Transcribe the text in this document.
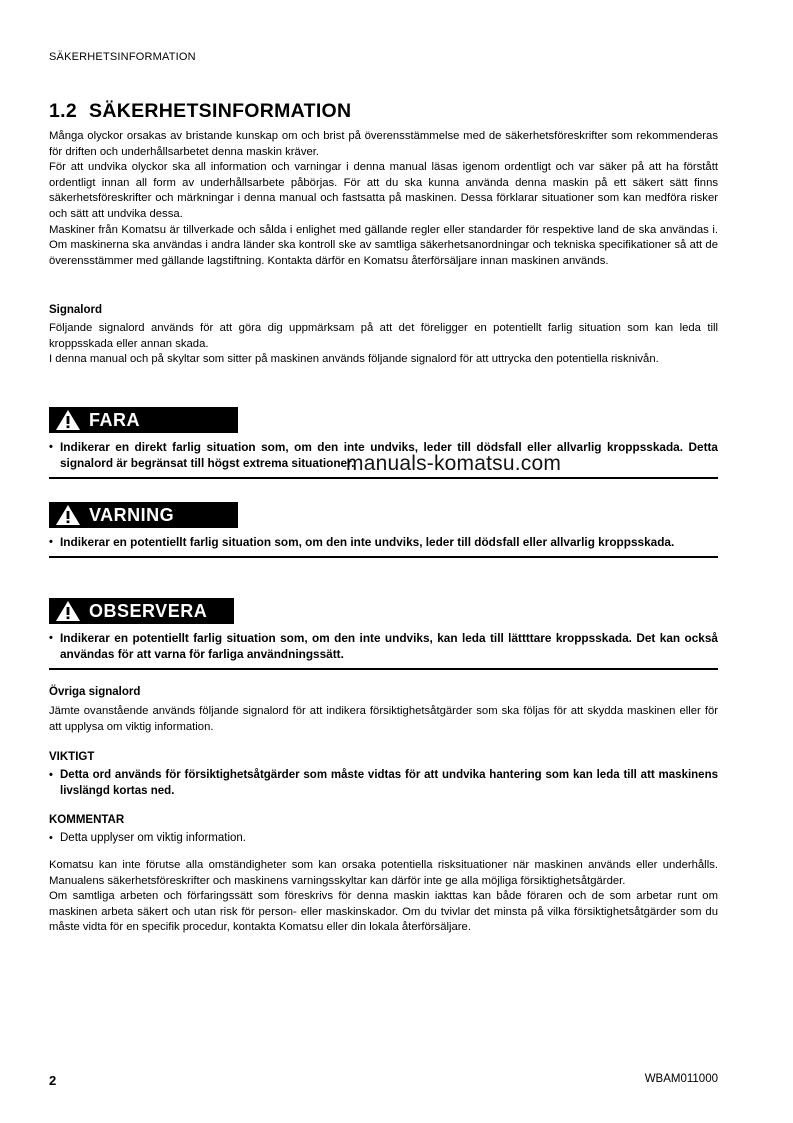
SÄKERHETSINFORMATION
1.2 SÄKERHETSINFORMATION

Många olyckor orsakas av bristande kunskap om och brist på överensstämmelse med de säkerhetsföreskrifter som rekommenderas för driften och underhållsarbetet denna maskin kräver.

För att undvika olyckor ska all information och varningar i denna manual läsas igenom ordentligt och var säker på att ha förstått ordentligt innan all form av underhållsarbete påbörjas. För att du ska kunna använda denna maskin på ett säkert sätt finns säkerhetsföreskrifter och märkningar i denna manual och fastsatta på maskinen. Dessa förklarar situationer som kan medföra risker och sätt att undvika dessa.

Maskiner från Komatsu är tillverkade och sålda i enlighet med gällande regler eller standarder för respektive land de ska användas i. Om maskinerna ska användas i andra länder ska kontroll ske av samtliga säkerhetsanordningar och tekniska specifikationer så att de överensstämmer med gällande lagstiftning. Kontakta därför en Komatsu återförsäljare innan maskinen används.

Signalord

Följande signalord används för att göra dig uppmärksam på att det föreligger en potentiellt farlig situation som kan leda till kroppsskada eller annan skada.

I denna manual och på skyltar som sitter på maskinen används följande signalord för att uttrycka den potentiella risknivån.

FARA
• Indikerar en direkt farlig situation som, om den inte undviks, leder till dödsfall eller allvarlig kroppsskada. Detta signalord är begränsat till högst extrema situationer.
VARNING
• Indikerar en potentiellt farlig situation som, om den inte undviks, leder till dödsfall eller allvarlig kroppsskada.
OBSERVERA
• Indikerar en potentiellt farlig situation som, om den inte undviks, kan leda till lättttare kroppsskada. Det kan också användas för att varna för farliga användningssätt.
Övriga signalord

Jämte ovanstående används följande signalord för att indikera försiktighetsåtgärder som ska följas för att skydda maskinen eller för att upplysa om viktig information.

VIKTIGT
• Detta ord används för försiktighetsåtgärder som måste vidtas för att undvika hantering som kan leda till att maskinens livslängd kortas ned.
KOMMENTAR
• Detta upplyser om viktig information.

Komatsu kan inte förutse alla omständigheter som kan orsaka potentiella risksituationer när maskinen används eller underhålls. Manualens säkerhetsföreskrifter och maskinens varningsskyltar kan därför inte ge alla möjliga försiktighetsåtgärder.

Om samtliga arbeten och förfaringssätt som föreskrivs för denna maskin iakttas kan både föraren och de som arbetar runt om maskinen arbeta säkert och utan risk för person- eller maskinskador. Om du tvivlar det minsta på vilka försiktighetsåtgärder som du måste vidta för en specifik procedur, kontakta Komatsu eller din lokala återförsäljare.

2	WBAM011000
manuals-komatsu.com
